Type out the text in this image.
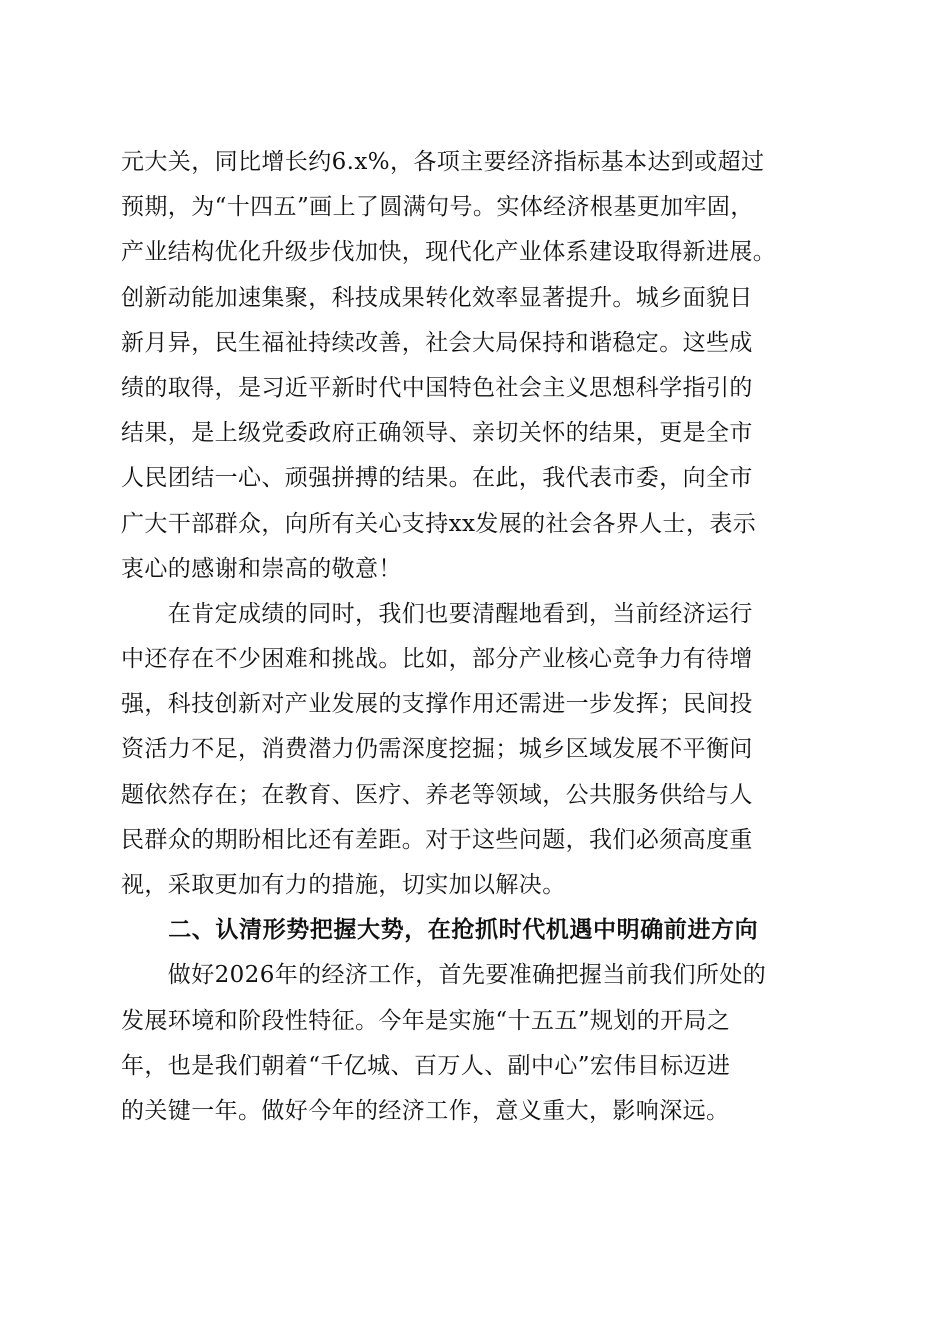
元大关，同比增长约6.x%，各项主要经济指标基本达到或超过
预期，为“十四五”画上了圆满句号。实体经济根基更加牢固，
产业结构优化升级步伐加快，现代化产业体系建设取得新进展。
创新动能加速集聚，科技成果转化效率显著提升。城乡面貌日
新月异，民生福祉持续改善，社会大局保持和谐稳定。这些成
绩的取得，是习近平新时代中国特色社会主义思想科学指引的
结果，是上级党委政府正确领导、亲切关怀的结果，更是全市
人民团结一心、顽强拼搏的结果。在此，我代表市委，向全市
广大干部群众，向所有关心支持xx发展的社会各界人士，表示
衷心的感谢和崇高的敬意！
　　在肯定成绩的同时，我们也要清醒地看到，当前经济运行
中还存在不少困难和挑战。比如，部分产业核心竞争力有待增
强，科技创新对产业发展的支撑作用还需进一步发挥；民间投
资活力不足，消费潜力仍需深度挖掘；城乡区域发展不平衡问
题依然存在；在教育、医疗、养老等领域，公共服务供给与人
民群众的期盼相比还有差距。对于这些问题，我们必须高度重
视，采取更加有力的措施，切实加以解决。
　　二、认清形势把握大势，在抢抓时代机遇中明确前进方向
　　做好2026年的经济工作，首先要准确把握当前我们所处的
发展环境和阶段性特征。今年是实施“十五五”规划的开局之
年，也是我们朝着“千亿城、百万人、副中心”宏伟目标迈进
的关键一年。做好今年的经济工作，意义重大，影响深远。
